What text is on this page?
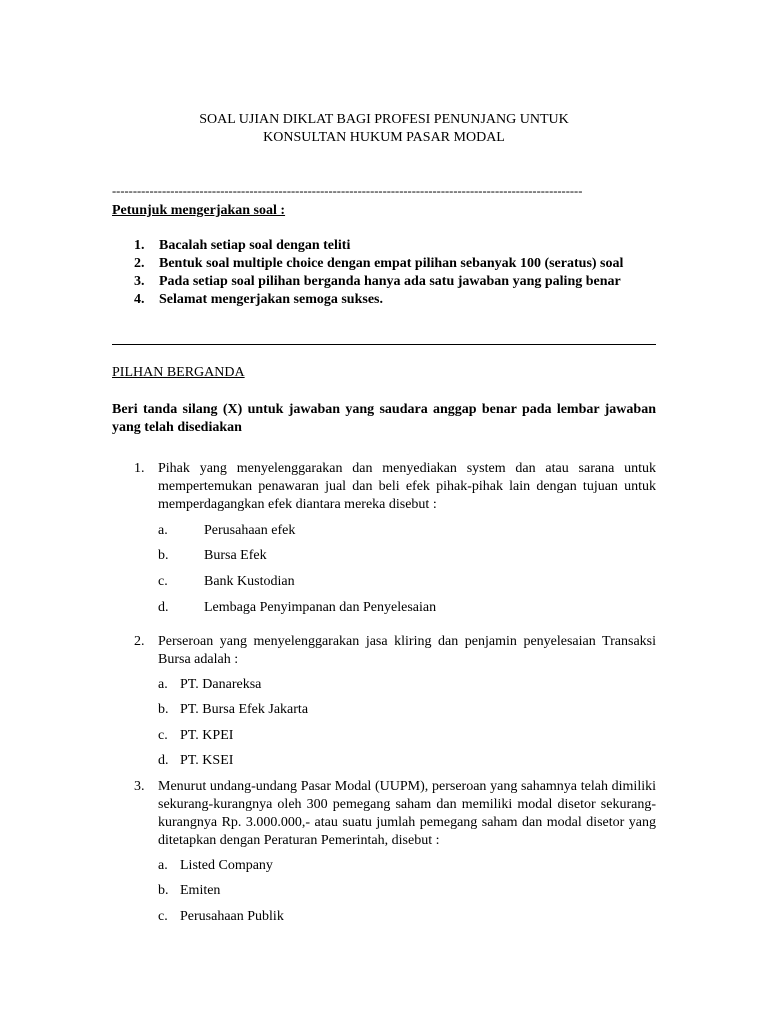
SOAL UJIAN DIKLAT BAGI PROFESI PENUNJANG UNTUK
KONSULTAN HUKUM PASAR MODAL
-----------------------------------------------------------------------------------------------------------------
Petunjuk mengerjakan soal :
1. Bacalah setiap soal dengan teliti
2. Bentuk soal multiple choice dengan empat pilihan sebanyak 100 (seratus) soal
3. Pada setiap soal pilihan berganda hanya ada satu jawaban yang paling benar
4. Selamat mengerjakan semoga sukses.
PILHAN BERGANDA

Beri tanda silang (X) untuk jawaban yang saudara anggap benar pada lembar jawaban yang telah disediakan

1. Pihak yang menyelenggarakan dan menyediakan system dan atau sarana untuk mempertemukan penawaran jual dan beli efek pihak-pihak lain dengan tujuan untuk memperdagangkan efek diantara mereka disebut :
a.	Perusahaan efek
b.	Bursa Efek
c.	Bank Kustodian
d.	Lembaga Penyimpanan dan Penyelesaian
2. Perseroan yang menyelenggarakan jasa kliring dan penjamin penyelesaian Transaksi Bursa adalah :
a. PT. Danareksa
b. PT. Bursa Efek Jakarta
c. PT. KPEI
d. PT. KSEI
3. Menurut undang-undang Pasar Modal (UUPM), perseroan yang sahamnya telah dimiliki sekurang-kurangnya oleh 300 pemegang saham dan memiliki modal disetor sekurang-kurangnya Rp. 3.000.000,- atau suatu jumlah pemegang saham dan modal disetor yang ditetapkan dengan Peraturan Pemerintah, disebut :
a. Listed Company
b. Emiten
c. Perusahaan Publik
